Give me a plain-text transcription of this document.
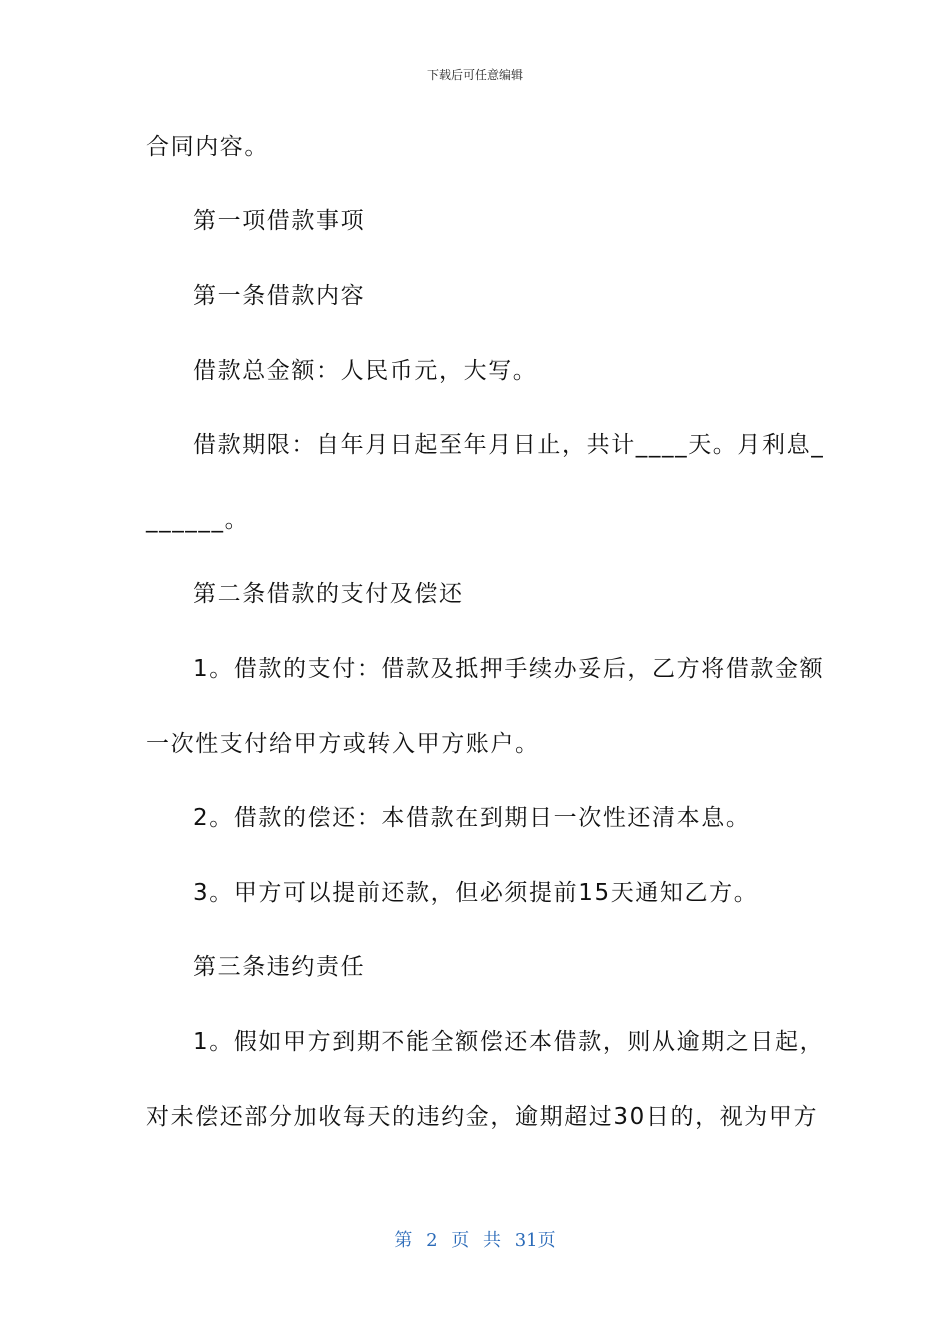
下载后可任意编辑
合同内容。
第一项借款事项
第一条借款内容
借款总金额：人民币元，大写。
借款期限：自年月日起至年月日止，共计____天。月利息_
______。
第二条借款的支付及偿还
1。借款的支付：借款及抵押手续办妥后，乙方将借款金额
一次性支付给甲方或转入甲方账户。
2。借款的偿还：本借款在到期日一次性还清本息。
3。甲方可以提前还款，但必须提前15天通知乙方。
第三条违约责任
1。假如甲方到期不能全额偿还本借款，则从逾期之日起，
对未偿还部分加收每天的违约金，逾期超过30日的，视为甲方
第 2 页 共 31页
